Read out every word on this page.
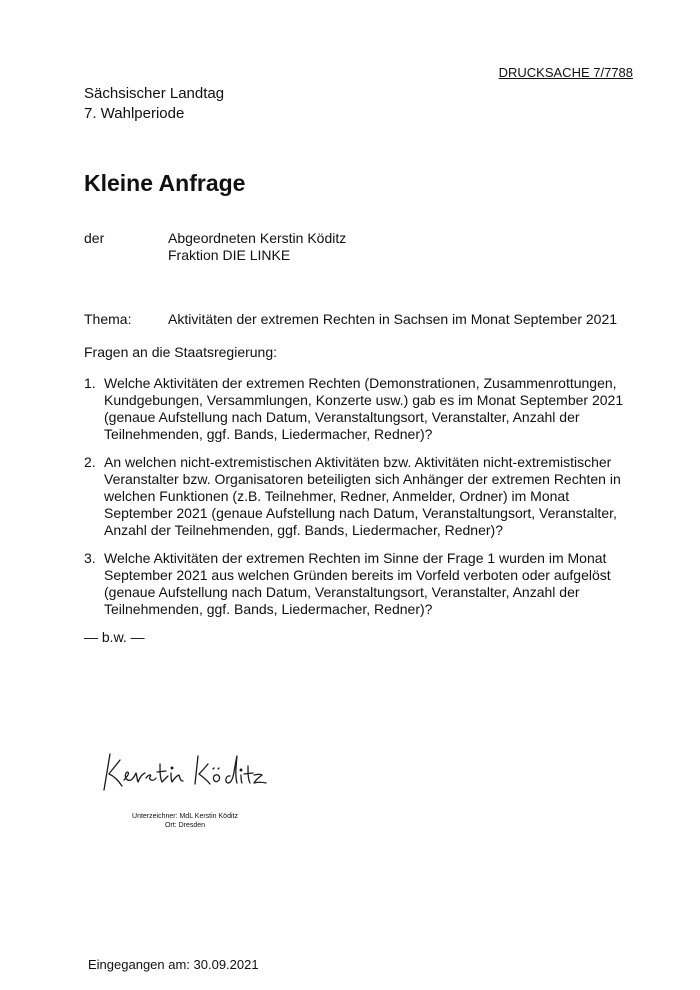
DRUCKSACHE 7/7788
Sächsischer Landtag
7. Wahlperiode
Kleine Anfrage
der	Abgeordneten Kerstin Köditz
Fraktion DIE LINKE
Thema:	Aktivitäten der extremen Rechten in Sachsen im Monat September 2021
Fragen an die Staatsregierung:
1. Welche Aktivitäten der extremen Rechten (Demonstrationen, Zusammenrottungen, Kundgebungen, Versammlungen, Konzerte usw.) gab es im Monat September 2021 (genaue Aufstellung nach Datum, Veranstaltungsort, Veranstalter, Anzahl der Teilnehmenden, ggf. Bands, Liedermacher, Redner)?
2. An welchen nicht-extremistischen Aktivitäten bzw. Aktivitäten nicht-extremistischer Veranstalter bzw. Organisatoren beteiligten sich Anhänger der extremen Rechten in welchen Funktionen (z.B. Teilnehmer, Redner, Anmelder, Ordner) im Monat September 2021 (genaue Aufstellung nach Datum, Veranstaltungsort, Veranstalter, Anzahl der Teilnehmenden, ggf. Bands, Liedermacher, Redner)?
3. Welche Aktivitäten der extremen Rechten im Sinne der Frage 1 wurden im Monat September 2021 aus welchen Gründen bereits im Vorfeld verboten oder aufgelöst (genaue Aufstellung nach Datum, Veranstaltungsort, Veranstalter, Anzahl der Teilnehmenden, ggf. Bands, Liedermacher, Redner)?
— b.w. —
Unterzeichner: MdL Kerstin Köditz
Ort: Dresden
Eingegangen am: 30.09.2021
